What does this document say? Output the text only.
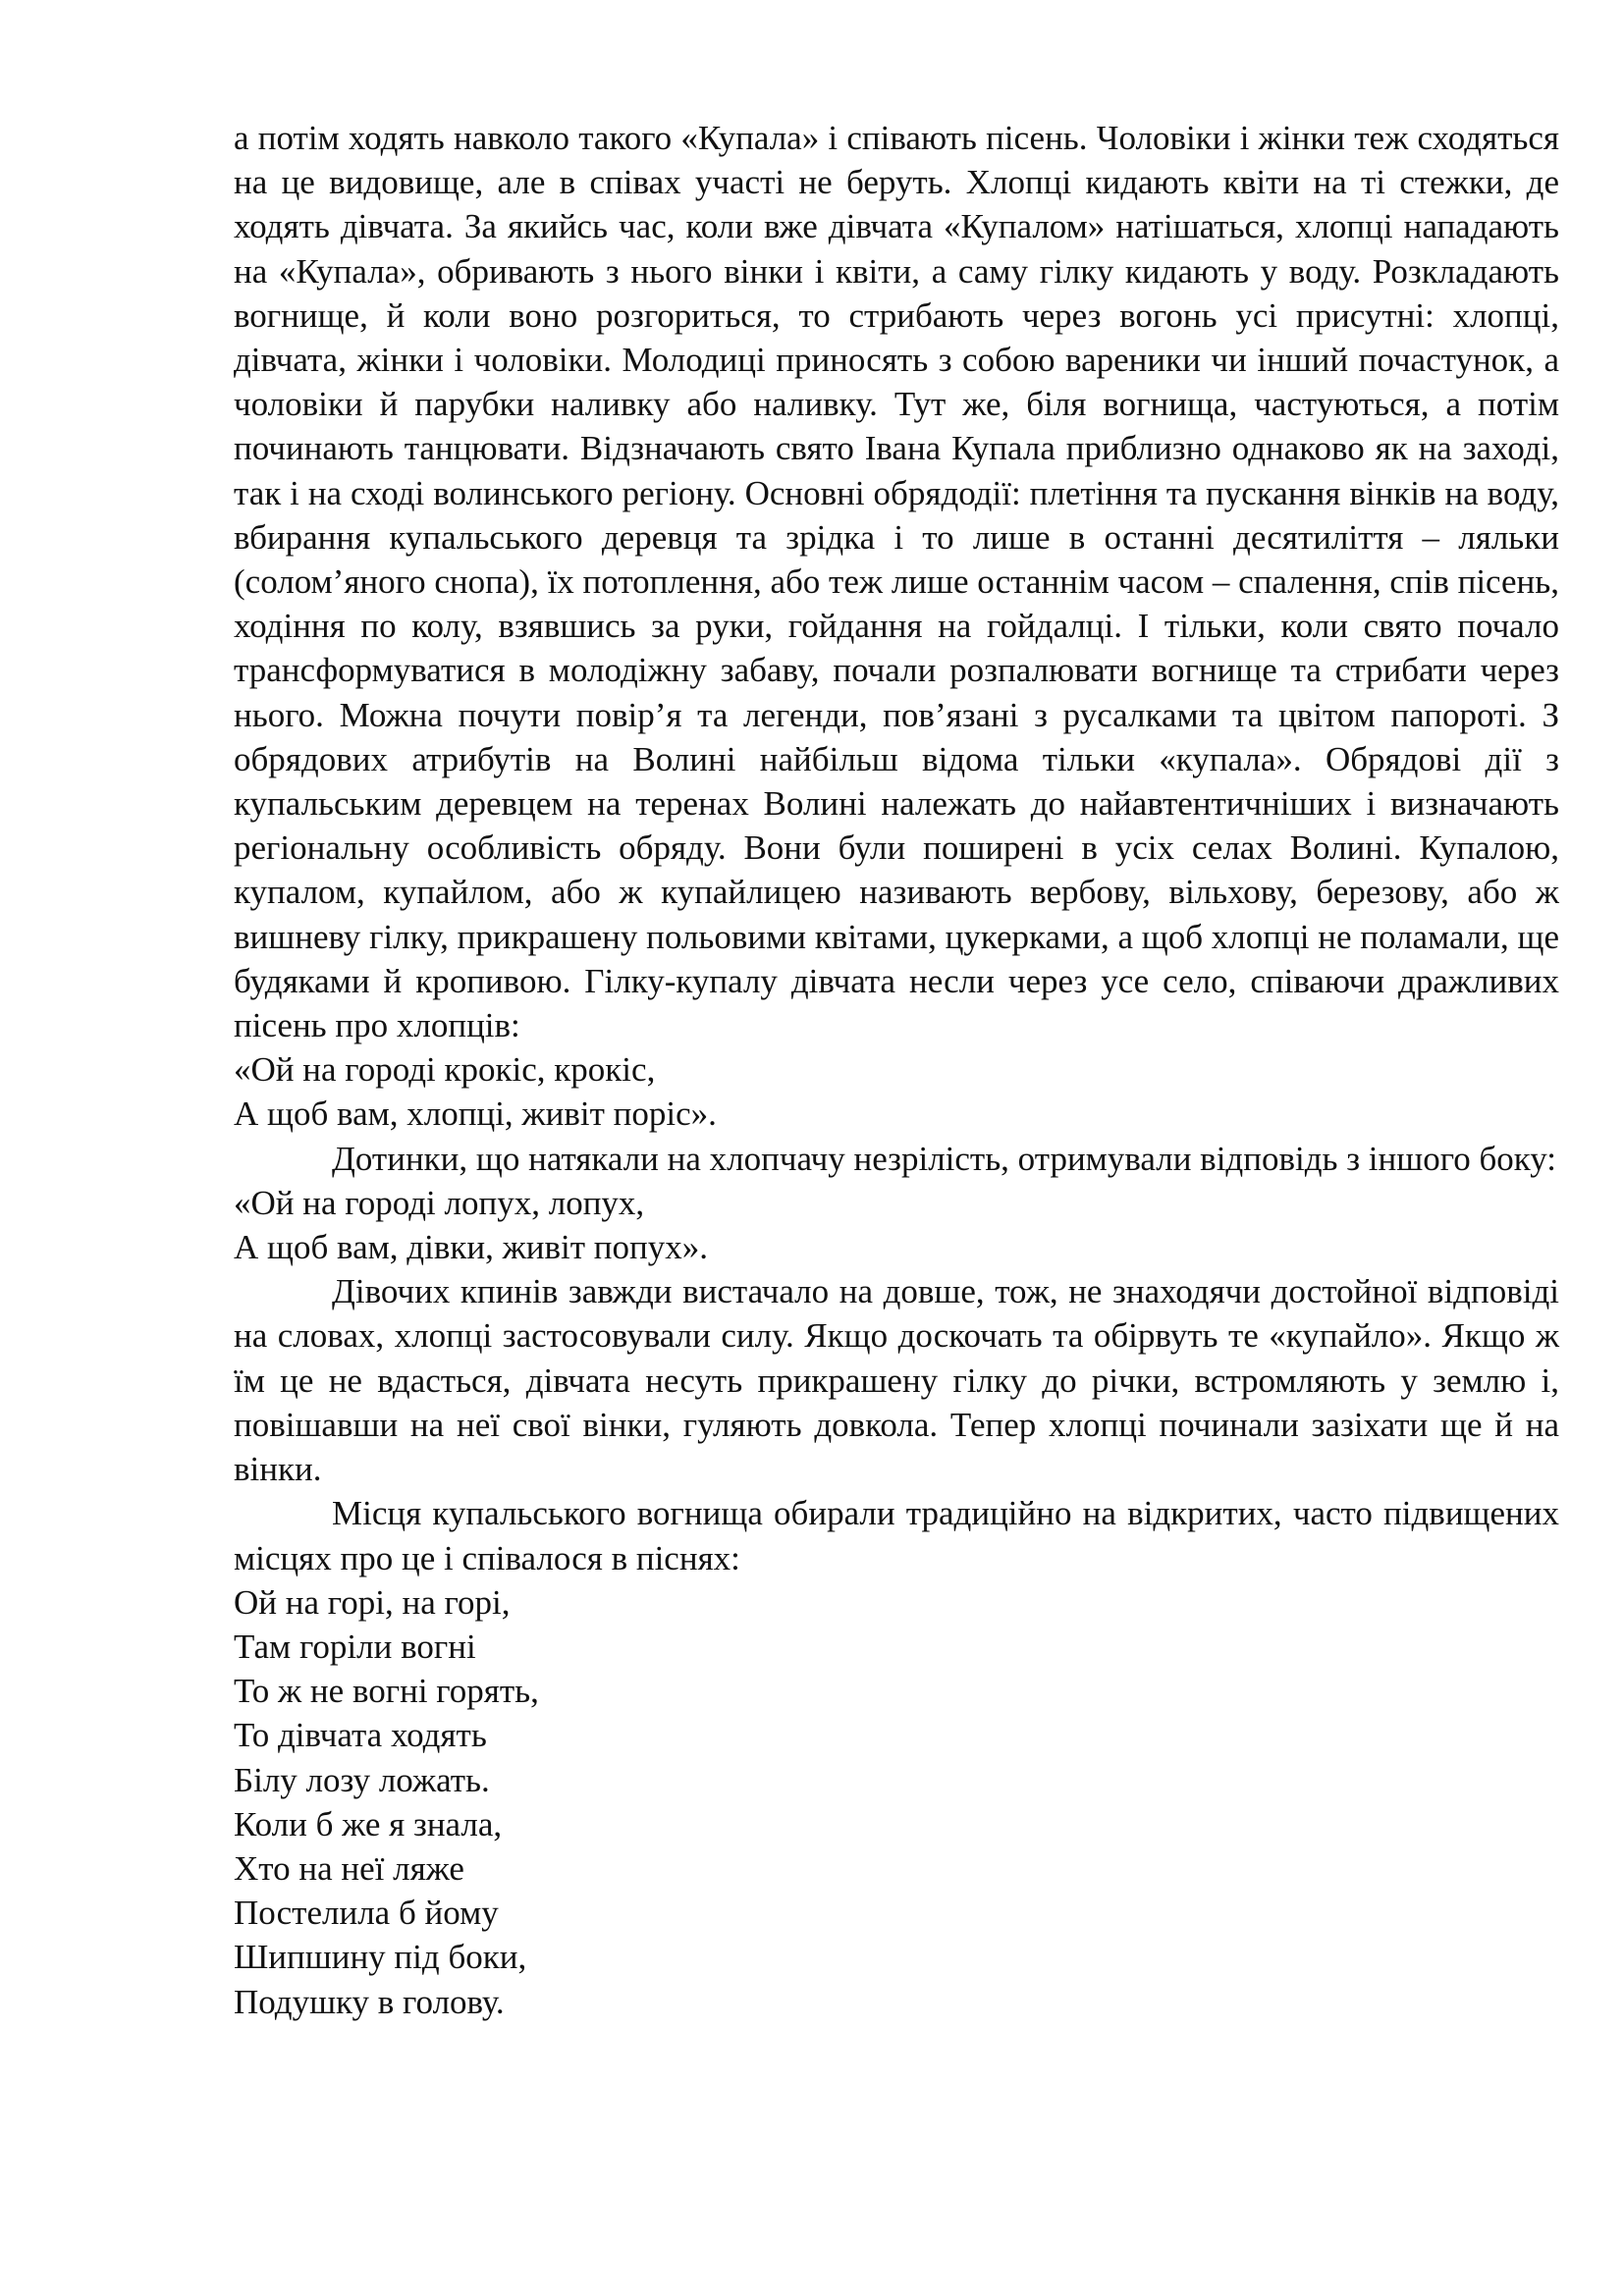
а потім ходять навколо такого «Купала» і співають пісень. Чоловіки і жінки теж сходяться на це видовище, але в співах участі не беруть. Хлопці кидають квіти на ті стежки, де ходять дівчата. За якийсь час, коли вже дівчата «Купалом» натішаться, хлопці нападають на «Купала», обривають з нього вінки і квіти, а саму гілку кидають у воду. Розкладають вогнище, й коли воно розгориться, то стрибають через вогонь усі присутні: хлопці, дівчата, жінки і чоловіки. Молодиці приносять з собою вареники чи інший почастунок, а чоловіки й парубки наливку або наливку. Тут же, біля вогнища, частуються, а потім починають танцювати. Відзначають свято Івана Купала приблизно однаково як на заході, так і на сході волинського регіону. Основні обрядодії: плетіння та пускання вінків на воду, вбирання купальського деревця та зрідка і то лише в останні десятиліття – ляльки (солом’яного снопа), їх потоплення, або теж лише останнім часом – спалення, спів пісень, ходіння по колу, взявшись за руки, гойдання на гойдалці. І тільки, коли свято почало трансформуватися в молодіжну забаву, почали розпалювати вогнище та стрибати через нього. Можна почути повір’я та легенди, пов’язані з русалками та цвітом папороті. З обрядових атрибутів на Волині найбільш відома тільки «купала». Обрядові дії з купальським деревцем на теренах Волині належать до найавтентичніших і визначають регіональну особливість обряду. Вони були поширені в усіх селах Волині. Купалою, купалом, купайлом, або ж купайлицею називають вербову, вільхову, березову, або ж вишневу гілку, прикрашену польовими квітами, цукерками, а щоб хлопці не поламали, ще будяками й кропивою. Гілку-купалу дівчата несли через усе село, співаючи дражливих пісень про хлопців:

«Ой на городі крокіс, крокіс,

А щоб вам, хлопці, живіт поріс».

Дотинки, що натякали на хлопчачу незрілість, отримували відповідь з іншого боку:

«Ой на городі лопух, лопух,

А щоб вам, дівки, живіт попух».

Дівочих кпинів завжди вистачало на довше, тож, не знаходячи достойної відповіді на словах, хлопці застосовували силу. Якщо доскочать та обірвуть те «купайло». Якщо ж їм це не вдасться, дівчата несуть прикрашену гілку до річки, встромляють у землю і, повішавши на неї свої вінки, гуляють довкола. Тепер хлопці починали зазіхати ще й на вінки.

Місця купальського вогнища обирали традиційно на відкритих, часто підвищених місцях про це і співалося в піснях:

Ой на горі, на горі,

Там горіли вогні

То ж не вогні горять,

То дівчата ходять

Білу лозу ложать.

Коли б же я знала,

Хто на неї ляже

Постелила б йому

Шипшину під боки,

Подушку в голову.
